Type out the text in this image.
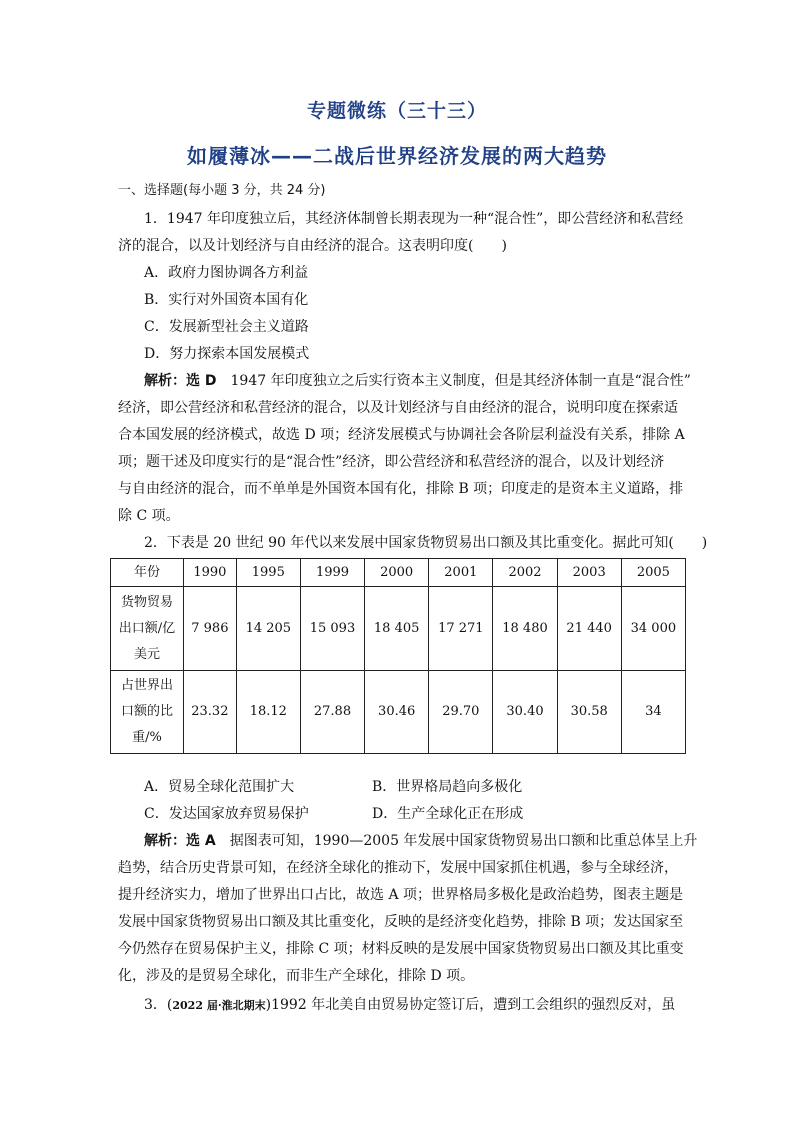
专题微练（三十三）
如履薄冰——二战后世界经济发展的两大趋势
一、选择题(每小题 3 分，共 24 分)
1．1947 年印度独立后，其经济体制曾长期表现为一种“混合性”，即公营经济和私营经
济的混合，以及计划经济与自由经济的混合。这表明印度(　　)
A．政府力图协调各方利益
B．实行对外国资本国有化
C．发展新型社会主义道路
D．努力探索本国发展模式
解析：选 D　 1947 年印度独立之后实行资本主义制度，但是其经济体制一直是“混合性”
经济，即公营经济和私营经济的混合，以及计划经济与自由经济的混合，说明印度在探索适
合本国发展的经济模式，故选 D 项；经济发展模式与协调社会各阶层利益没有关系，排除 A
项；题干述及印度实行的是“混合性”经济，即公营经济和私营经济的混合，以及计划经济
与自由经济的混合，而不单单是外国资本国有化，排除 B 项；印度走的是资本主义道路，排
除 C 项。
2．下表是 20 世纪 90 年代以来发展中国家货物贸易出口额及其比重变化。据此可知(　　)
年份	1990	1995	1999	2000	2001	2002	2003	2005

货物贸易
出口额/亿
美元	7 986	14 205	15 093	18 405	17 271	18 480	21 440	34 000

占世界出
口额的比
重/%	23.32	18.12	27.88	30.46	29.70	30.40	30.58	34
A．贸易全球化范围扩大	B．世界格局趋向多极化
C．发达国家放弃贸易保护	D．生产全球化正在形成
解析：选 A　 据图表可知，1990—2005 年发展中国家货物贸易出口额和比重总体呈上升
趋势，结合历史背景可知，在经济全球化的推动下，发展中国家抓住机遇，参与全球经济，
提升经济实力，增加了世界出口占比，故选 A 项；世界格局多极化是政治趋势，图表主题是
发展中国家货物贸易出口额及其比重变化，反映的是经济变化趋势，排除 B 项；发达国家至
今仍然存在贸易保护主义，排除 C 项；材料反映的是发展中国家货物贸易出口额及其比重变
化，涉及的是贸易全球化，而非生产全球化，排除 D 项。
3．(2022 届·淮北期末)1992 年北美自由贸易协定签订后，遭到工会组织的强烈反对，虽
